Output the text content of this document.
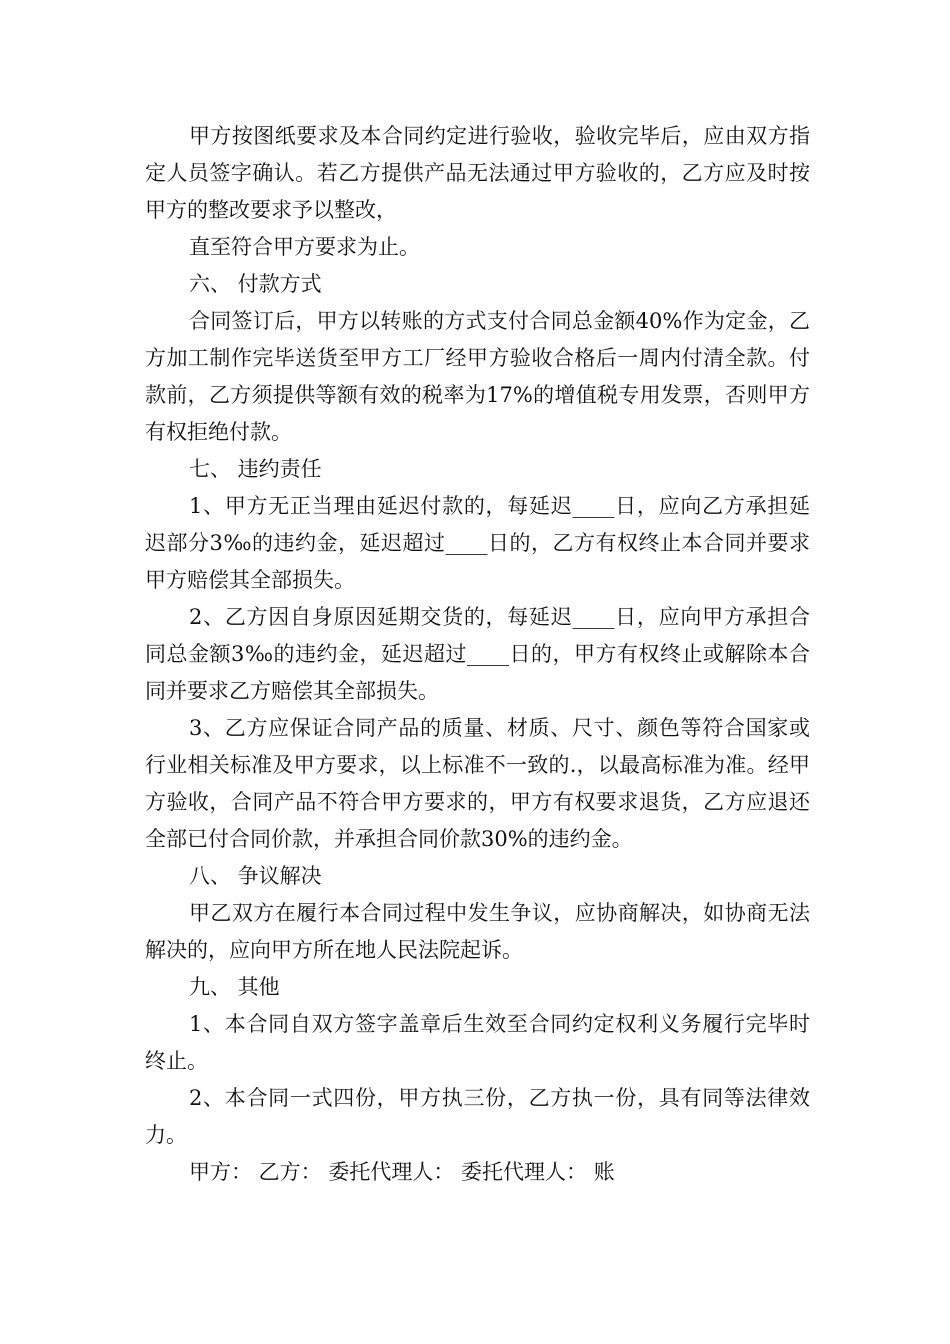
甲方按图纸要求及本合同约定进行验收，验收完毕后，应由双方指定人员签字确认。若乙方提供产品无法通过甲方验收的，乙方应及时按甲方的整改要求予以整改，

直至符合甲方要求为止。

六、 付款方式

合同签订后，甲方以转账的方式支付合同总金额40%作为定金，乙方加工制作完毕送货至甲方工厂经甲方验收合格后一周内付清全款。付款前，乙方须提供等额有效的税率为17%的增值税专用发票，否则甲方有权拒绝付款。

七、 违约责任

1、甲方无正当理由延迟付款的，每延迟____日，应向乙方承担延迟部分3‰的违约金，延迟超过____日的，乙方有权终止本合同并要求甲方赔偿其全部损失。

2、乙方因自身原因延期交货的，每延迟____日，应向甲方承担合同总金额3‰的违约金，延迟超过____日的，甲方有权终止或解除本合同并要求乙方赔偿其全部损失。

3、乙方应保证合同产品的质量、材质、尺寸、颜色等符合国家或行业相关标准及甲方要求，以上标准不一致的.，以最高标准为准。经甲方验收，合同产品不符合甲方要求的，甲方有权要求退货，乙方应退还全部已付合同价款，并承担合同价款30%的违约金。

八、 争议解决

甲乙双方在履行本合同过程中发生争议，应协商解决，如协商无法解决的，应向甲方所在地人民法院起诉。

九、 其他

1、本合同自双方签字盖章后生效至合同约定权利义务履行完毕时终止。

2、本合同一式四份，甲方执三份，乙方执一份，具有同等法律效力。

甲方： 乙方： 委托代理人： 委托代理人： 账
